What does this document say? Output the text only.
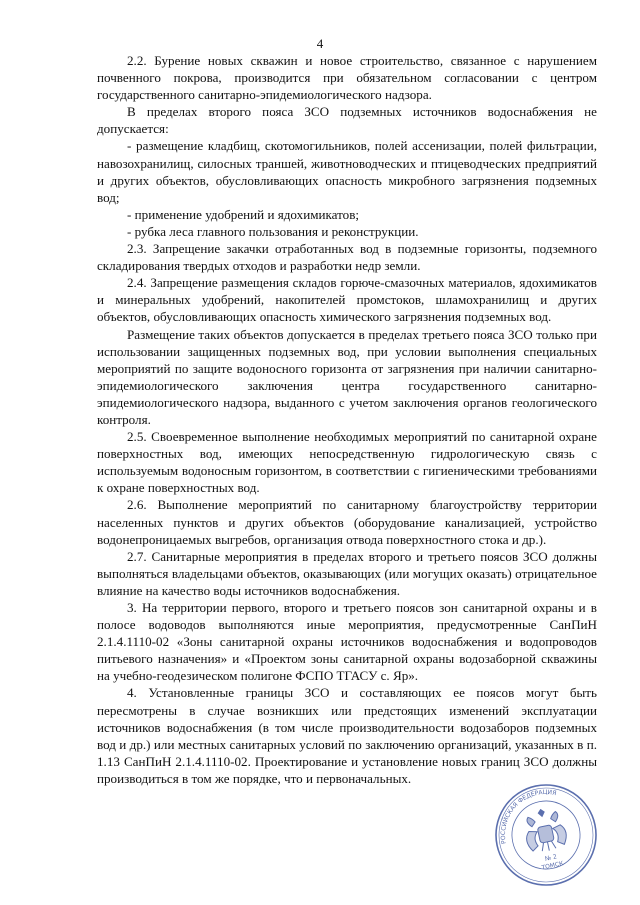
4

2.2. Бурение новых скважин и новое строительство, связанное с нарушением почвенного покрова, производится при обязательном согласовании с центром государственного санитарно-эпидемиологического надзора.

В пределах второго пояса ЗСО подземных источников водоснабжения не допускается:

- размещение кладбищ, скотомогильников, полей ассенизации, полей фильтрации, навозохранилищ, силосных траншей, животноводческих и птицеводческих предприятий и других объектов, обусловливающих опасность микробного загрязнения подземных вод;

- применение удобрений и ядохимикатов;

- рубка леса главного пользования и реконструкции.

2.3. Запрещение закачки отработанных вод в подземные горизонты, подземного складирования твердых отходов и разработки недр земли.

2.4. Запрещение размещения складов горюче-смазочных материалов, ядохимикатов и минеральных удобрений, накопителей промстоков, шламохранилищ и других объектов, обусловливающих опасность химического загрязнения подземных вод.

Размещение таких объектов допускается в пределах третьего пояса ЗСО только при использовании защищенных подземных вод, при условии выполнения специальных мероприятий по защите водоносного горизонта от загрязнения при наличии санитарно-эпидемиологического заключения центра государственного санитарно-эпидемиологического надзора, выданного с учетом заключения органов геологического контроля.

2.5. Своевременное выполнение необходимых мероприятий по санитарной охране поверхностных вод, имеющих непосредственную гидрологическую связь с используемым водоносным горизонтом, в соответствии с гигиеническими требованиями к охране поверхностных вод.

2.6. Выполнение мероприятий по санитарному благоустройству территории населенных пунктов и других объектов (оборудование канализацией, устройство водонепроницаемых выгребов, организация отвода поверхностного стока и др.).

2.7. Санитарные мероприятия в пределах второго и третьего поясов ЗСО должны выполняться владельцами объектов, оказывающих (или могущих оказать) отрицательное влияние на качество воды источников водоснабжения.

3. На территории первого, второго и третьего поясов зон санитарной охраны и в полосе водоводов выполняются иные мероприятия, предусмотренные СанПиН 2.1.4.1110-02 «Зоны санитарной охраны источников водоснабжения и водопроводов питьевого назначения» и «Проектом зоны санитарной охраны водозаборной скважины на учебно-геодезическом полигоне ФСПО ТГАСУ с. Яр».

4. Установленные границы ЗСО и составляющих ее поясов могут быть пересмотрены в случае возникших или предстоящих изменений эксплуатации источников водоснабжения (в том числе производительности водозаборов подземных вод и др.) или местных санитарных условий по заключению организаций, указанных в п. 1.13 СанПиН 2.1.4.1110-02. Проектирование и установление новых границ ЗСО должны производиться в том же порядке, что и первоначальных.

РОССИЙСКАЯ ФЕДЕРАЦИЯ
№ 2
ТОМСК
